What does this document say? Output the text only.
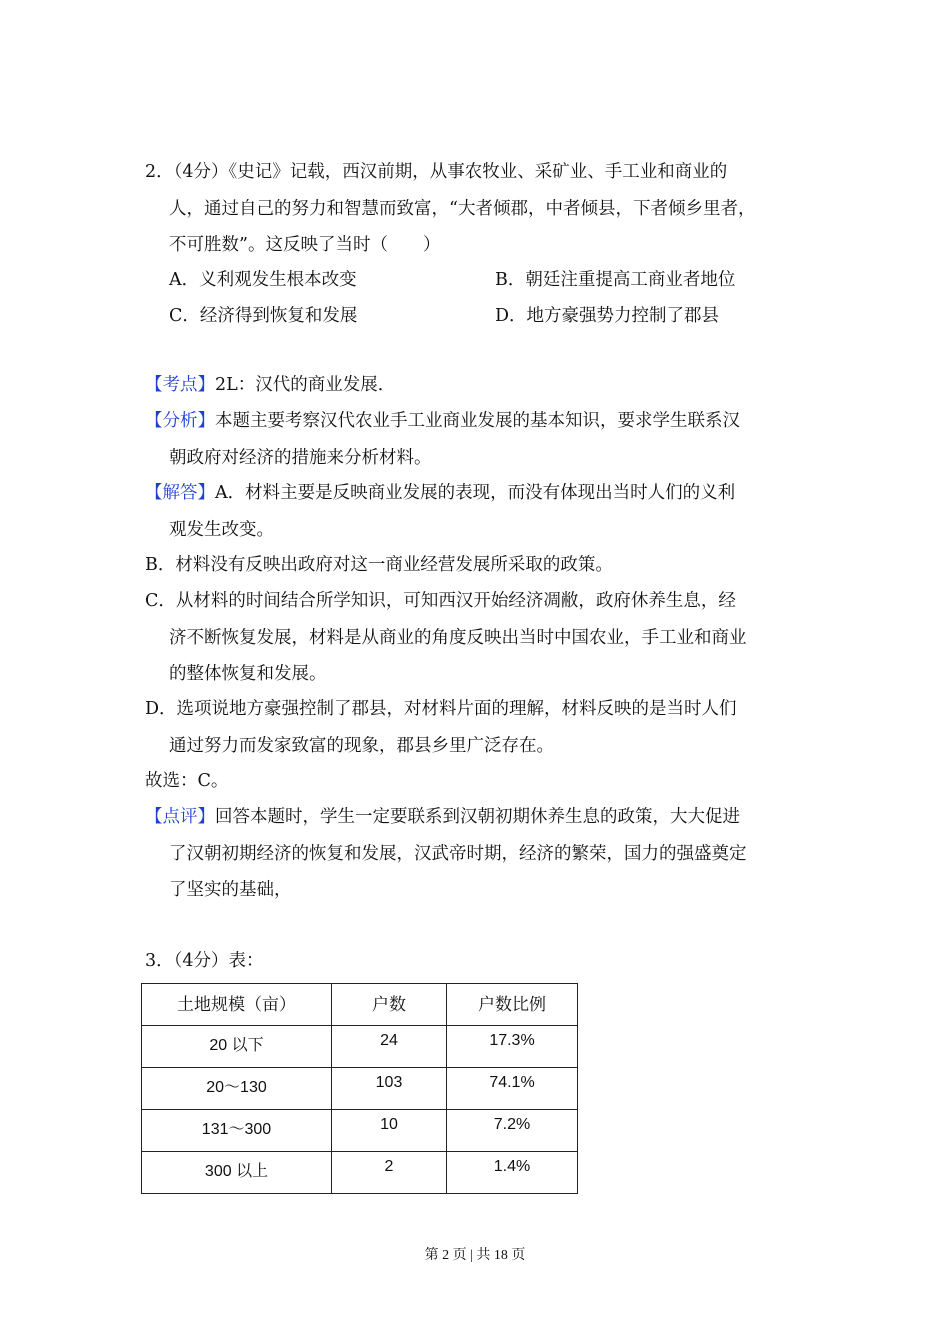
2．（4分）《史记》记载，西汉前期，从事农牧业、采矿业、手工业和商业的
人，通过自己的努力和智慧而致富，“大者倾郡，中者倾县，下者倾乡里者，
不可胜数”。这反映了当时（　　）
A．义利观发生根本改变	B．朝廷注重提高工商业者地位
C．经济得到恢复和发展	D．地方豪强势力控制了郡县
【考点】2L：汉代的商业发展．
【分析】本题主要考察汉代农业手工业商业发展的基本知识，要求学生联系汉
朝政府对经济的措施来分析材料。
【解答】A．材料主要是反映商业发展的表现，而没有体现出当时人们的义利
观发生改变。
B．材料没有反映出政府对这一商业经营发展所采取的政策。
C．从材料的时间结合所学知识，可知西汉开始经济凋敝，政府休养生息，经
济不断恢复发展，材料是从商业的角度反映出当时中国农业，手工业和商业
的整体恢复和发展。
D．选项说地方豪强控制了郡县，对材料片面的理解，材料反映的是当时人们
通过努力而发家致富的现象，郡县乡里广泛存在。
故选：C。
【点评】回答本题时，学生一定要联系到汉朝初期休养生息的政策，大大促进
了汉朝初期经济的恢复和发展，汉武帝时期，经济的繁荣，国力的强盛奠定
了坚实的基础，
3．（4分）表：
土地规模（亩）	户数	户数比例
20 以下	24	17.3%
20～130	103	74.1%
131～300	10	7.2%
300 以上	2	1.4%
第 2 页 | 共 18 页
